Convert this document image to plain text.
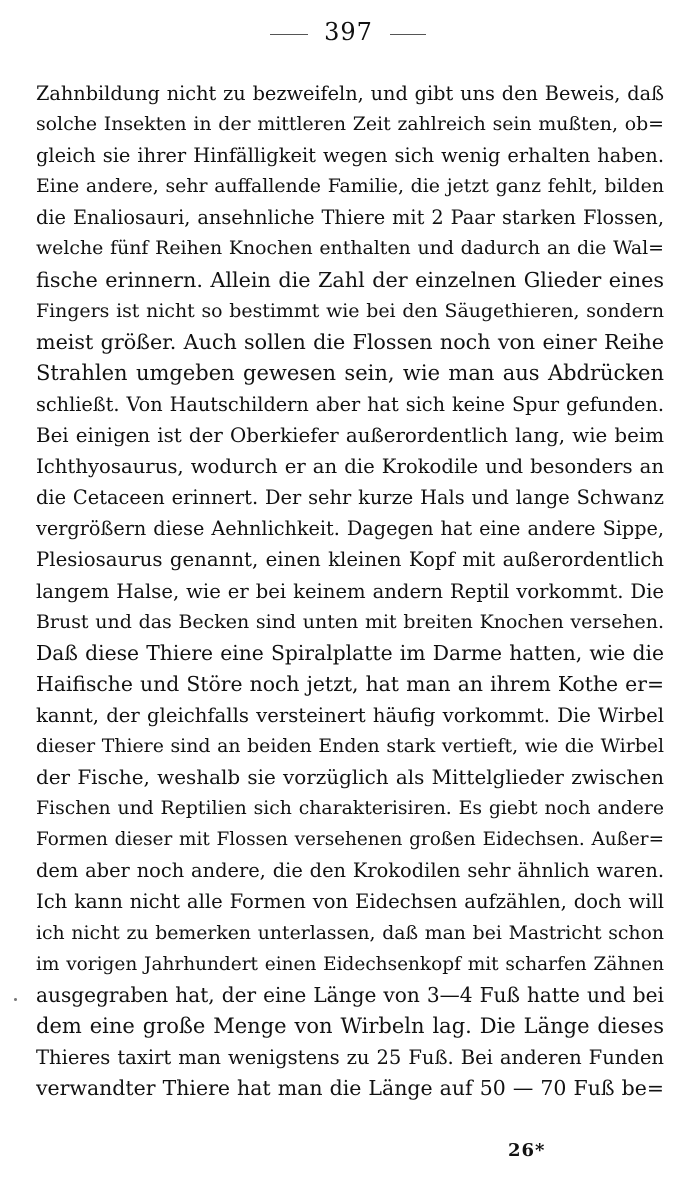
397
Zahnbildung nicht zu bezweifeln, und gibt uns den Beweis, daß
solche Insekten in der mittleren Zeit zahlreich sein mußten, ob=
gleich sie ihrer Hinfälligkeit wegen sich wenig erhalten haben.
Eine andere, sehr auffallende Familie, die jetzt ganz fehlt, bilden
die Enaliosauri, ansehnliche Thiere mit 2 Paar starken Flossen,
welche fünf Reihen Knochen enthalten und dadurch an die Wal=
fische erinnern. Allein die Zahl der einzelnen Glieder eines
Fingers ist nicht so bestimmt wie bei den Säugethieren, sondern
meist größer. Auch sollen die Flossen noch von einer Reihe
Strahlen umgeben gewesen sein, wie man aus Abdrücken
schließt. Von Hautschildern aber hat sich keine Spur gefunden.
Bei einigen ist der Oberkiefer außerordentlich lang, wie beim
Ichthyosaurus, wodurch er an die Krokodile und besonders an
die Cetaceen erinnert. Der sehr kurze Hals und lange Schwanz
vergrößern diese Aehnlichkeit. Dagegen hat eine andere Sippe,
Plesiosaurus genannt, einen kleinen Kopf mit außerordentlich
langem Halse, wie er bei keinem andern Reptil vorkommt. Die
Brust und das Becken sind unten mit breiten Knochen versehen.
Daß diese Thiere eine Spiralplatte im Darme hatten, wie die
Haifische und Störe noch jetzt, hat man an ihrem Kothe er=
kannt, der gleichfalls versteinert häufig vorkommt. Die Wirbel
dieser Thiere sind an beiden Enden stark vertieft, wie die Wirbel
der Fische, weshalb sie vorzüglich als Mittelglieder zwischen
Fischen und Reptilien sich charakterisiren. Es giebt noch andere
Formen dieser mit Flossen versehenen großen Eidechsen. Außer=
dem aber noch andere, die den Krokodilen sehr ähnlich waren.
Ich kann nicht alle Formen von Eidechsen aufzählen, doch will
ich nicht zu bemerken unterlassen, daß man bei Mastricht schon
im vorigen Jahrhundert einen Eidechsenkopf mit scharfen Zähnen
ausgegraben hat, der eine Länge von 3—4 Fuß hatte und bei
dem eine große Menge von Wirbeln lag. Die Länge dieses
Thieres taxirt man wenigstens zu 25 Fuß. Bei anderen Funden
verwandter Thiere hat man die Länge auf 50 — 70 Fuß be=
26*
